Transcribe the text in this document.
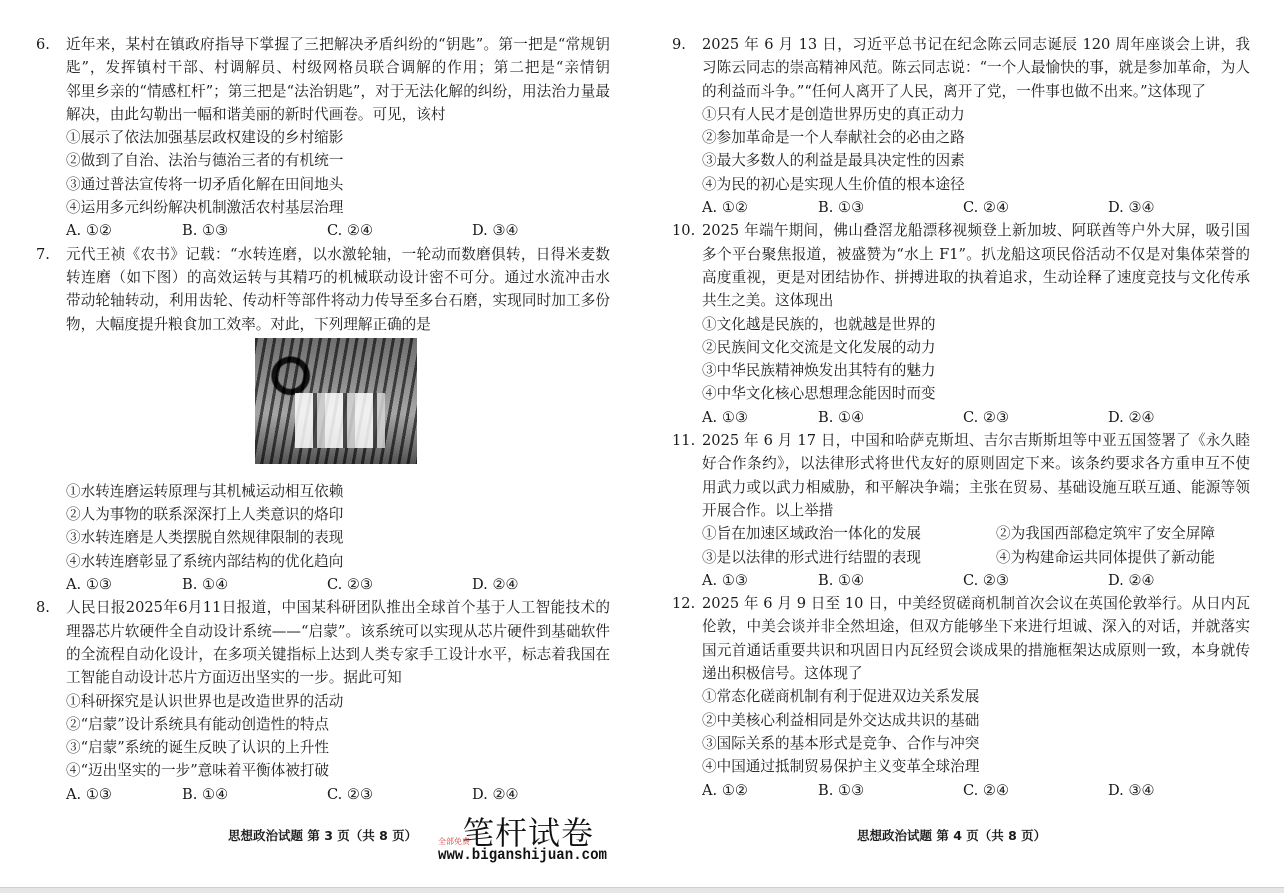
6. 近年来，某村在镇政府指导下掌握了三把解决矛盾纠纷的“钥匙”。第一把是“常规钥
匙”，发挥镇村干部、村调解员、村级网格员联合调解的作用；第二把是“亲情钥
邻里乡亲的“情感杠杆”；第三把是“法治钥匙”，对于无法化解的纠纷，用法治力量最
解决，由此勾勒出一幅和谐美丽的新时代画卷。可见，该村
①展示了依法加强基层政权建设的乡村缩影
②做到了自治、法治与德治三者的有机统一
③通过普法宣传将一切矛盾化解在田间地头
④运用多元纠纷解决机制激活农村基层治理
A. ①②	B. ①③	C. ②④	D. ③④
7. 元代王祯《农书》记载：“水转连磨，以水激轮轴，一轮动而数磨俱转，日得米麦数
转连磨（如下图）的高效运转与其精巧的机械联动设计密不可分。通过水流冲击水
带动轮轴转动，利用齿轮、传动杆等部件将动力传导至多台石磨，实现同时加工多份
物，大幅度提升粮食加工效率。对此，下列理解正确的是
①水转连磨运转原理与其机械运动相互依赖
②人为事物的联系深深打上人类意识的烙印
③水转连磨是人类摆脱自然规律限制的表现
④水转连磨彰显了系统内部结构的优化趋向
A. ①③	B. ①④	C. ②③	D. ②④
8. 人民日报2025年6月11日报道，中国某科研团队推出全球首个基于人工智能技术的
理器芯片软硬件全自动设计系统——“启蒙”。该系统可以实现从芯片硬件到基础软件
的全流程自动化设计，在多项关键指标上达到人类专家手工设计水平，标志着我国在
工智能自动设计芯片方面迈出坚实的一步。据此可知
①科研探究是认识世界也是改造世界的活动
②“启蒙”设计系统具有能动创造性的特点
③“启蒙”系统的诞生反映了认识的上升性
④“迈出坚实的一步”意味着平衡体被打破
A. ①③	B. ①④	C. ②③	D. ②④
9. 2025 年 6 月 13 日，习近平总书记在纪念陈云同志诞辰 120 周年座谈会上讲，我
习陈云同志的崇高精神风范。陈云同志说：“一个人最愉快的事，就是参加革命，为人
的利益而斗争。”“任何人离开了人民，离开了党，一件事也做不出来。”这体现了
①只有人民才是创造世界历史的真正动力
②参加革命是一个人奉献社会的必由之路
③最大多数人的利益是最具决定性的因素
④为民的初心是实现人生价值的根本途径
A. ①②	B. ①③	C. ②④	D. ③④
10. 2025 年端午期间，佛山叠滘龙船漂移视频登上新加坡、阿联酋等户外大屏，吸引国
多个平台聚焦报道，被盛赞为“水上 F1”。扒龙船这项民俗活动不仅是对集体荣誉的
高度重视，更是对团结协作、拼搏进取的执着追求，生动诠释了速度竞技与文化传承
共生之美。这体现出
①文化越是民族的，也就越是世界的
②民族间文化交流是文化发展的动力
③中华民族精神焕发出其特有的魅力
④中华文化核心思想理念能因时而变
A. ①③	B. ①④	C. ②③	D. ②④
11. 2025 年 6 月 17 日，中国和哈萨克斯坦、吉尔吉斯斯坦等中亚五国签署了《永久睦
好合作条约》，以法律形式将世代友好的原则固定下来。该条约要求各方重申互不使
用武力或以武力相威胁，和平解决争端；主张在贸易、基础设施互联互通、能源等领
开展合作。以上举措
①旨在加速区域政治一体化的发展	②为我国西部稳定筑牢了安全屏障
③是以法律的形式进行结盟的表现	④为构建命运共同体提供了新动能
A. ①③	B. ①④	C. ②③	D. ②④
12. 2025 年 6 月 9 日至 10 日，中美经贸磋商机制首次会议在英国伦敦举行。从日内瓦
伦敦，中美会谈并非全然坦途，但双方能够坐下来进行坦诚、深入的对话，并就落实
国元首通话重要共识和巩固日内瓦经贸会谈成果的措施框架达成原则一致，本身就传
递出积极信号。这体现了
①常态化磋商机制有利于促进双边关系发展
②中美核心利益相同是外交达成共识的基础
③国际关系的基本形式是竞争、合作与冲突
④中国通过抵制贸易保护主义变革全球治理
A. ①②	B. ①③	C. ②④	D. ③④
思想政治试题 第 3 页（共 8 页）	思想政治试题 第 4 页（共 8 页）
全部免费
笔杆试卷
www.biganshijuan.com
